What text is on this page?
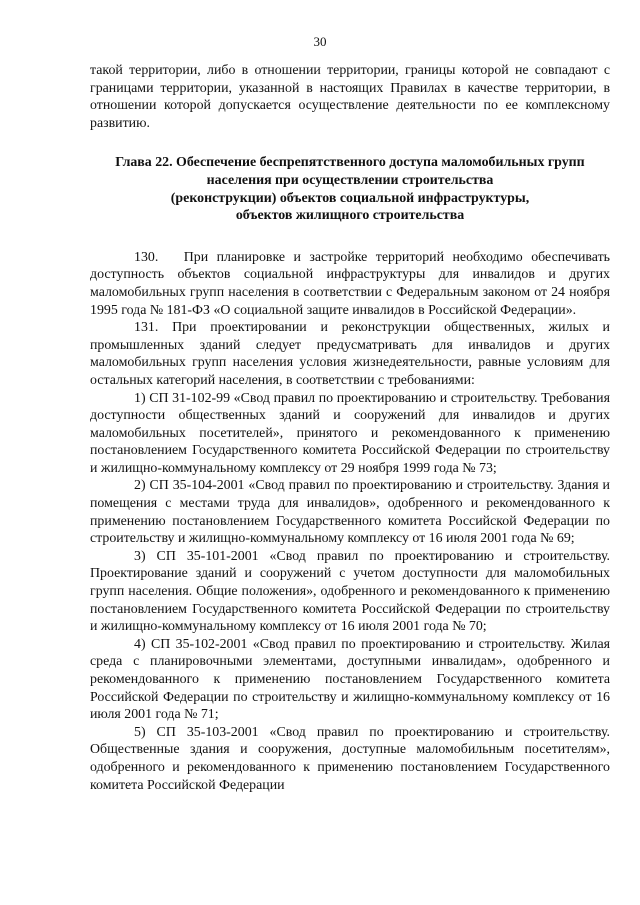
30

такой территории, либо в отношении территории, границы которой не совпадают с границами территории, указанной в настоящих Правилах в качестве территории, в отношении которой допускается осуществление деятельности по ее комплексному развитию.

Глава 22. Обеспечение беспрепятственного доступа маломобильных групп
населения при осуществлении строительства
(реконструкции) объектов социальной инфраструктуры,
объектов жилищного строительства

130.   При планировке и застройке территорий необходимо обеспечивать доступность объектов социальной инфраструктуры для инвалидов и других маломобильных групп населения в соответствии с Федеральным законом от 24 ноября 1995 года № 181-ФЗ «О социальной защите инвалидов в Российской Федерации».

131. При проектировании и реконструкции общественных, жилых и промышленных зданий следует предусматривать для инвалидов и других маломобильных групп населения условия жизнедеятельности, равные условиям для остальных категорий населения, в соответствии с требованиями:

1) СП 31-102-99 «Свод правил по проектированию и строительству. Требования доступности общественных зданий и сооружений для инвалидов и других маломобильных посетителей», принятого и рекомендованного к применению постановлением Государственного комитета Российской Федерации по строительству и жилищно-коммунальному комплексу от 29 ноября 1999 года № 73;

2) СП 35-104-2001 «Свод правил по проектированию и строительству. Здания и помещения с местами труда для инвалидов», одобренного и рекомендованного к применению постановлением Государственного комитета Российской Федерации по строительству и жилищно-коммунальному комплексу от 16 июля 2001 года № 69;

3) СП 35-101-2001 «Свод правил по проектированию и строительству. Проектирование зданий и сооружений с учетом доступности для маломобильных групп населения. Общие положения», одобренного и рекомендованного к применению постановлением Государственного комитета Российской Федерации по строительству и жилищно-коммунальному комплексу от 16 июля 2001 года № 70;

4) СП 35-102-2001 «Свод правил по проектированию и строительству. Жилая среда с планировочными элементами, доступными инвалидам», одобренного и рекомендованного к применению постановлением Государственного комитета Российской Федерации по строительству и жилищно-коммунальному комплексу от 16 июля 2001 года № 71;

5) СП 35-103-2001 «Свод правил по проектированию и строительству. Общественные здания и сооружения, доступные маломобильным посетителям», одобренного и рекомендованного к применению постановлением Государственного комитета Российской Федерации
